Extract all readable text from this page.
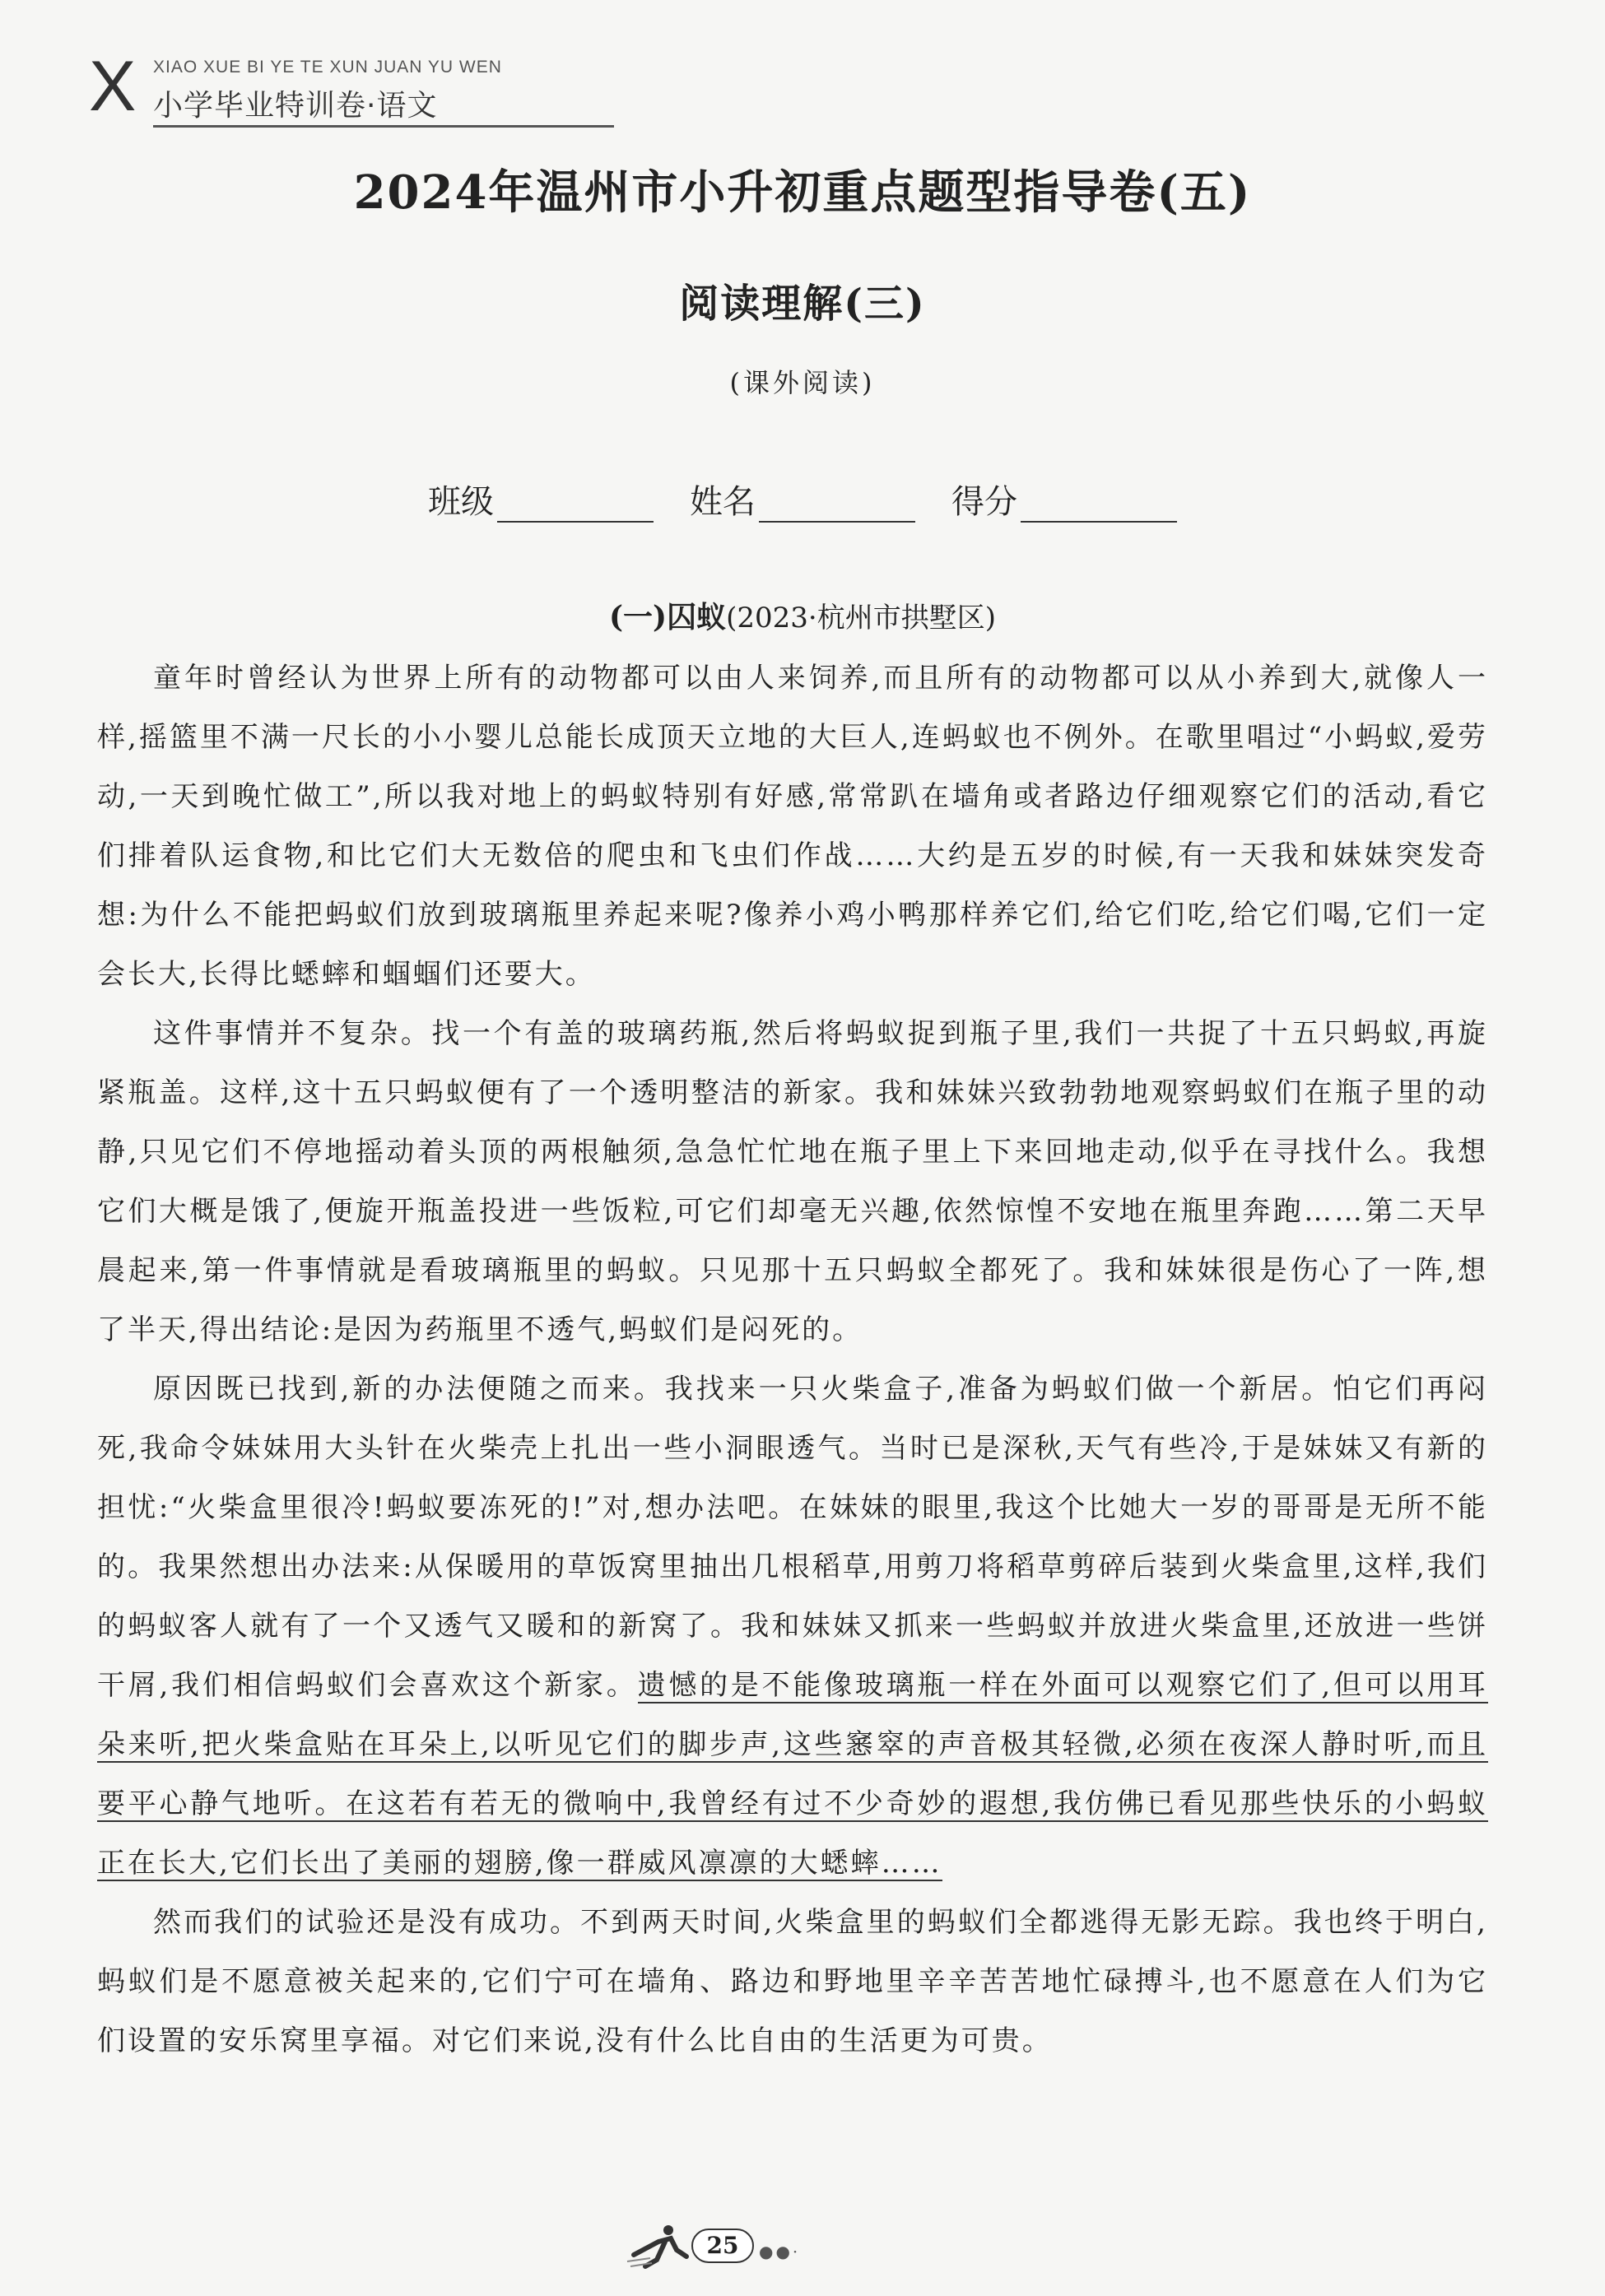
X XIAO XUE BI YE TE XUN JUAN YU WEN
小学毕业特训卷·语文
2024年温州市小升初重点题型指导卷(五)
阅读理解(三)
(课外阅读)
班级	姓名	得分
(一)囚蚁(2023·杭州市拱墅区)

童年时曾经认为世界上所有的动物都可以由人来饲养,而且所有的动物都可以从小养到大,就像人一样,摇篮里不满一尺长的小小婴儿总能长成顶天立地的大巨人,连蚂蚁也不例外。在歌里唱过“小蚂蚁,爱劳动,一天到晚忙做工”,所以我对地上的蚂蚁特别有好感,常常趴在墙角或者路边仔细观察它们的活动,看它们排着队运食物,和比它们大无数倍的爬虫和飞虫们作战……大约是五岁的时候,有一天我和妹妹突发奇想:为什么不能把蚂蚁们放到玻璃瓶里养起来呢?像养小鸡小鸭那样养它们,给它们吃,给它们喝,它们一定会长大,长得比蟋蟀和蝈蝈们还要大。

这件事情并不复杂。找一个有盖的玻璃药瓶,然后将蚂蚁捉到瓶子里,我们一共捉了十五只蚂蚁,再旋紧瓶盖。这样,这十五只蚂蚁便有了一个透明整洁的新家。我和妹妹兴致勃勃地观察蚂蚁们在瓶子里的动静,只见它们不停地摇动着头顶的两根触须,急急忙忙地在瓶子里上下来回地走动,似乎在寻找什么。我想它们大概是饿了,便旋开瓶盖投进一些饭粒,可它们却毫无兴趣,依然惊惶不安地在瓶里奔跑……第二天早晨起来,第一件事情就是看玻璃瓶里的蚂蚁。只见那十五只蚂蚁全都死了。我和妹妹很是伤心了一阵,想了半天,得出结论:是因为药瓶里不透气,蚂蚁们是闷死的。

原因既已找到,新的办法便随之而来。我找来一只火柴盒子,准备为蚂蚁们做一个新居。怕它们再闷死,我命令妹妹用大头针在火柴壳上扎出一些小洞眼透气。当时已是深秋,天气有些冷,于是妹妹又有新的担忧:“火柴盒里很冷!蚂蚁要冻死的!”对,想办法吧。在妹妹的眼里,我这个比她大一岁的哥哥是无所不能的。我果然想出办法来:从保暖用的草饭窝里抽出几根稻草,用剪刀将稻草剪碎后装到火柴盒里,这样,我们的蚂蚁客人就有了一个又透气又暖和的新窝了。我和妹妹又抓来一些蚂蚁并放进火柴盒里,还放进一些饼干屑,我们相信蚂蚁们会喜欢这个新家。遗憾的是不能像玻璃瓶一样在外面可以观察它们了,但可以用耳朵来听,把火柴盒贴在耳朵上,以听见它们的脚步声,这些窸窣的声音极其轻微,必须在夜深人静时听,而且要平心静气地听。在这若有若无的微响中,我曾经有过不少奇妙的遐想,我仿佛已看见那些快乐的小蚂蚁正在长大,它们长出了美丽的翅膀,像一群威风凛凛的大蟋蟀……

然而我们的试验还是没有成功。不到两天时间,火柴盒里的蚂蚁们全都逃得无影无踪。我也终于明白,蚂蚁们是不愿意被关起来的,它们宁可在墙角、路边和野地里辛辛苦苦地忙碌搏斗,也不愿意在人们为它们设置的安乐窝里享福。对它们来说,没有什么比自由的生活更为可贵。

25	●●·
